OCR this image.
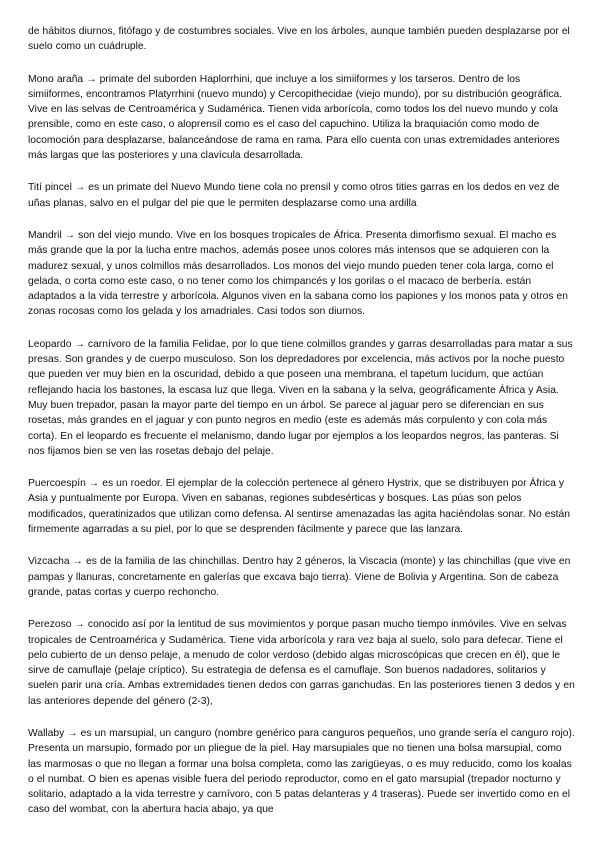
de hábitos diurnos, fitófago y de costumbres sociales. Vive en los árboles, aunque también pueden desplazarse por el suelo como un cuádruple.

Mono araña → primate del suborden Haplorrhini, que incluye a los simiiformes y los tarseros. Dentro de los simiiformes, encontramos Platyrrhini (nuevo mundo) y Cercopithecidae (viejo mundo), por su distribución geográfica. Vive en las selvas de Centroamérica y Sudamérica. Tienen vida arborícola, como todos los del nuevo mundo y cola prensible, como en este caso, o aloprensil como es el caso del capuchino. Utiliza la braquiación como modo de locomoción para desplazarse, balanceándose de rama en rama. Para ello cuenta con unas extremidades anteriores más largas que las posteriores y una clavícula desarrollada.

Tití pincel → es un primate del Nuevo Mundo tiene cola no prensil y como otros tities garras en los dedos en vez de uñas planas, salvo en el pulgar del pie que le permiten desplazarse como una ardilla

Mandril → son del viejo mundo. Vive en los bosques tropicales de África. Presenta dimorfismo sexual. El macho es más grande que la por la lucha entre machos, además posee unos colores más intensos que se adquieren con la madurez sexual, y unos colmillos más desarrollados. Los monos del viejo mundo pueden tener cola larga, como el gelada, o corta como este caso, o no tener como los chimpancés y los gorilas o el macaco de berbería. están adaptados a la vida terrestre y arborícola. Algunos viven en la sabana como los papiones y los monos pata y otros en zonas rocosas como los gelada y los amadriales. Casi todos son diurnos.

Leopardo → carnívoro de la familia Felidae, por lo que tiene colmillos grandes y garras desarrolladas para matar a sus presas. Son grandes y de cuerpo musculoso. Son los depredadores por excelencia, más activos por la noche puesto que pueden ver muy bien en la oscuridad, debido a que poseen una membrana, el tapetum lucidum, que actúan reflejando hacia los bastones, la escasa luz que llega. Viven en la sabana y la selva, geográficamente África y Asia. Muy buen trepador, pasan la mayor parte del tiempo en un árbol. Se parece al jaguar pero se diferencian en sus rosetas, más grandes en el jaguar y con punto negros en medio (este es además más corpulento y con cola más corta). En el leopardo es frecuente el melanismo, dando lugar por ejemplos a los leopardos negros, las panteras. Si nos fijamos bien se ven las rosetas debajo del pelaje.

Puercoespín → es un roedor. El ejemplar de la colección pertenece al género Hystrix, que se distribuyen por África y Asia y puntualmente por Europa. Viven en sabanas, regiones subdesérticas y bosques. Las púas son pelos modificados, queratinizados que utilizan como defensa. Al sentirse amenazadas las agita haciéndolas sonar. No están firmemente agarradas a su piel, por lo que se desprenden fácilmente y parece que las lanzara.

Vizcacha → es de la familia de las chinchillas. Dentro hay 2 géneros, la Viscacia (monte) y las chinchillas (que vive en pampas y llanuras, concretamente en galerías que excava bajo tierra). Viene de Bolivia y Argentina. Son de cabeza grande, patas cortas y cuerpo rechoncho.

Perezoso → conocido así por la lentitud de sus movimientos y porque pasan mucho tiempo inmóviles. Vive en selvas tropicales de Centroamérica y Sudamérica. Tiene vida arborícola y rara vez baja al suelo, solo para defecar. Tiene el pelo cubierto de un denso pelaje, a menudo de color verdoso (debido algas microscópicas que crecen en él), que le sirve de camuflaje (pelaje críptico). Su estrategia de defensa es el camuflaje. Son buenos nadadores, solitarios y suelen parir una cría. Ambas extremidades tienen dedos con garras ganchudas. En las posteriores tienen 3 dedos y en las anteriores depende del género (2-3),

Wallaby → es un marsupial, un canguro (nombre genérico para canguros pequeños, uno grande sería el canguro rojo). Presenta un marsupio, formado por un pliegue de la piel. Hay marsupiales que no tienen una bolsa marsupial, como las marmosas o que no llegan a formar una bolsa completa, como las zarigüeyas, o es muy reducido, como los koalas o el numbat. O bien es apenas visible fuera del periodo reproductor, como en el gato marsupial (trepador nocturno y solitario, adaptado a la vida terrestre y carnívoro, con 5 patas delanteras y 4 traseras). Puede ser invertido como en el caso del wombat, con la abertura hacia abajo, ya que
